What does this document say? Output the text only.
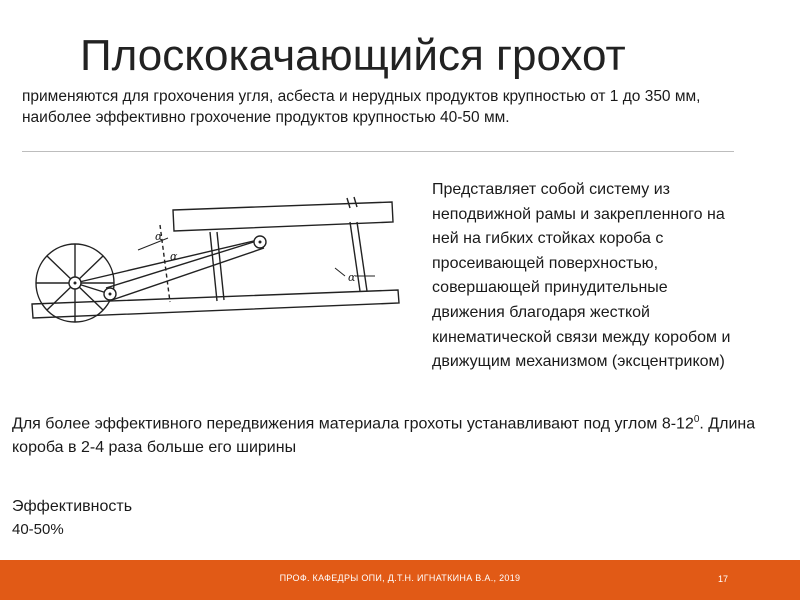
Плоскокачающийся грохот
применяются для грохочения угля, асбеста и нерудных продуктов крупностью от 1 до 350 мм, наиболее эффективно грохочение продуктов крупностью 40-50 мм.
α
α
α
Представляет собой систему из
неподвижной рамы и закрепленного на
ней на гибких стойках короба с
просеивающей поверхностью,
совершающей принудительные
движения благодаря жесткой
кинематической связи между коробом и
движущим механизмом (эксцентриком)
Для более эффективного передвижения материала грохоты устанавливают под углом $8-12^0$. Длина короба в 2-4 раза больше его ширины
Эффективность
40-50%
ПРОФ. КАФЕДРЫ ОПИ, Д.Т.Н. ИГНАТКИНА В.А., 2019	17
